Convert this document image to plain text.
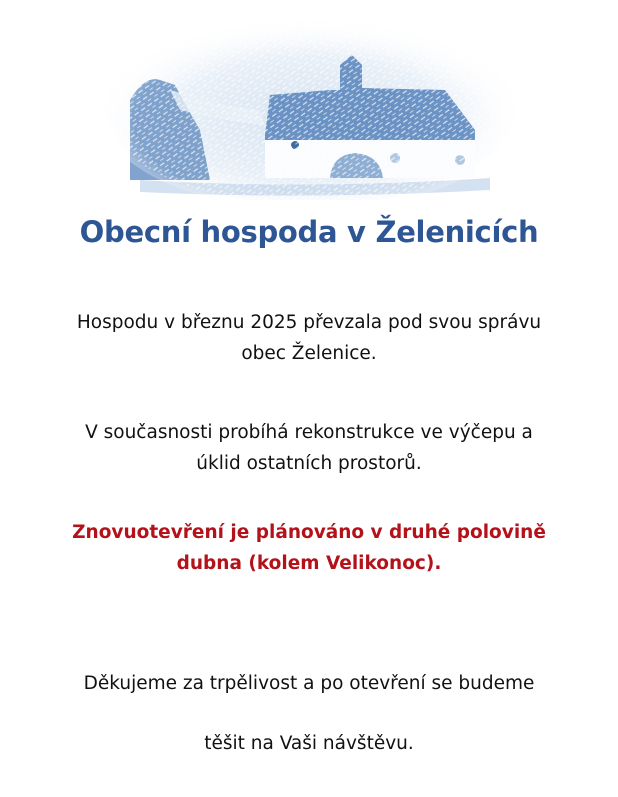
Obecní hospoda v Želenicích
Hospodu v březnu 2025 převzala pod svou správu
obec Želenice.
V současnosti probíhá rekonstrukce ve výčepu a
úklid ostatních prostorů.
Znovuotevření je plánováno v druhé polovině
dubna (kolem Velikonoc).
Děkujeme za trpělivost a po otevření se budeme
těšit na Vaši návštěvu.
